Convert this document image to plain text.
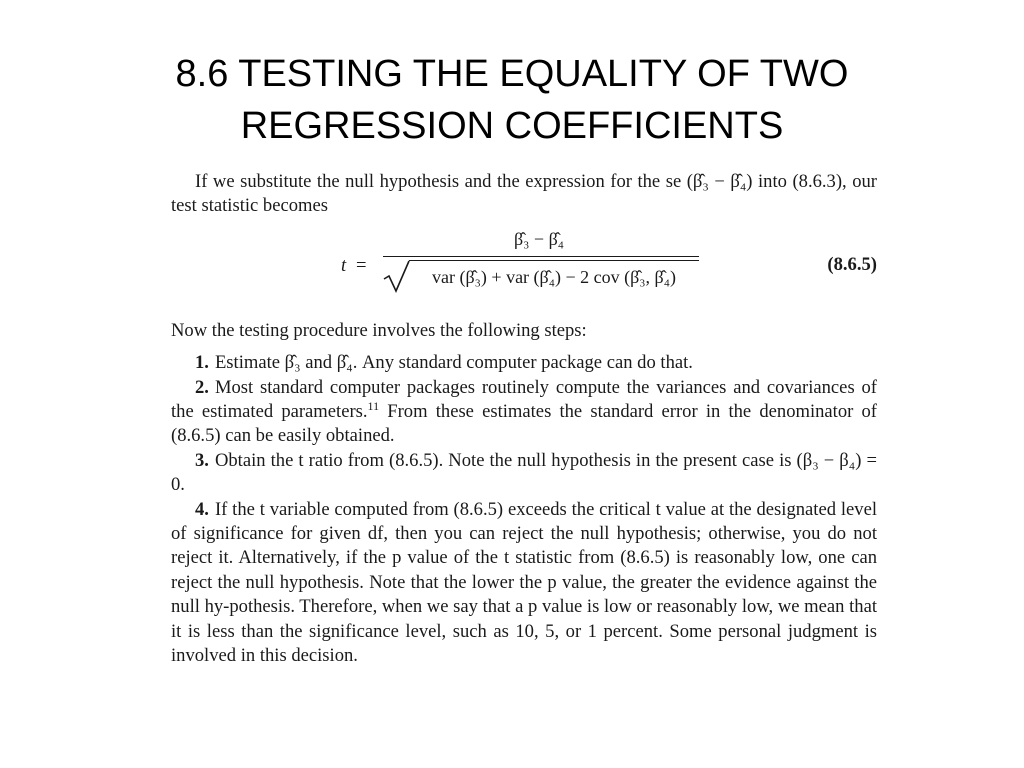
8.6 TESTING THE EQUALITY OF TWO
REGRESSION COEFFICIENTS

If we substitute the null hypothesis and the expression for the se (β̂₃ − β̂₄) into (8.6.3), our test statistic becomes

t =
β̂₃ − β̂₄
var (β̂₃) + var (β̂₄) − 2 cov (β̂₃, β̂₄)
(8.6.5)

Now the testing procedure involves the following steps:

1. Estimate β̂₃ and β̂₄. Any standard computer package can do that.

2. Most standard computer packages routinely compute the variances and covariances of the estimated parameters.$^{11}$ From these estimates the standard error in the denominator of (8.6.5) can be easily obtained.

3. Obtain the t ratio from (8.6.5). Note the null hypothesis in the present case is (β₃ − β₄) = 0.

4. If the t variable computed from (8.6.5) exceeds the critical t value at the designated level of significance for given df, then you can reject the null hypothesis; otherwise, you do not reject it. Alternatively, if the p value of the t statistic from (8.6.5) is reasonably low, one can reject the null hypothesis. Note that the lower the p value, the greater the evidence against the null hy-pothesis. Therefore, when we say that a p value is low or reasonably low, we mean that it is less than the significance level, such as 10, 5, or 1 percent. Some personal judgment is involved in this decision.
